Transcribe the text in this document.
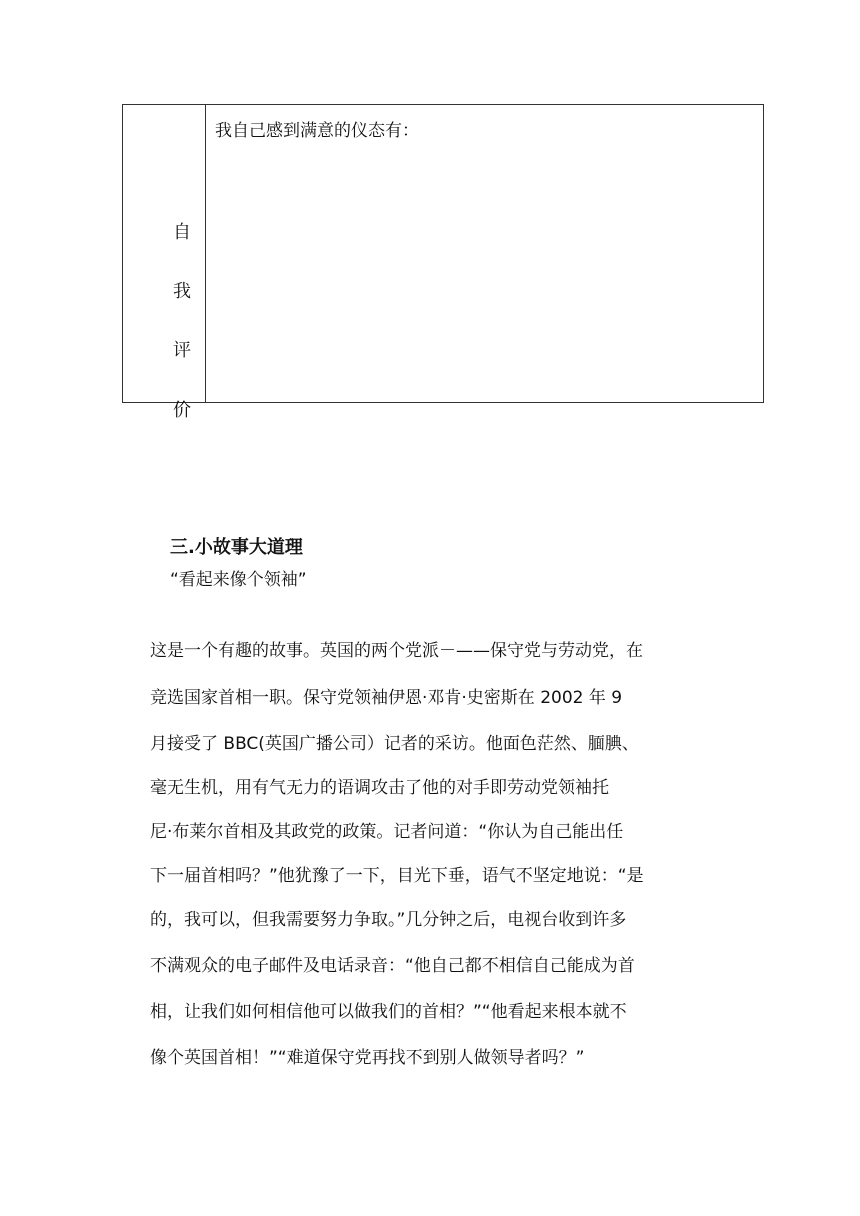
自
我
评
价
我自己感到满意的仪态有：
三.小故事大道理
“看起来像个领袖”
这是一个有趣的故事。英国的两个党派－——保守党与劳动党，在
竞选国家首相一职。保守党领袖伊恩·邓肯·史密斯在 2002 年 9
月接受了 BBC(英国广播公司）记者的采访。他面色茫然、腼腆、
毫无生机，用有气无力的语调攻击了他的对手即劳动党领袖托
尼·布莱尔首相及其政党的政策。记者问道：“你认为自己能出任
下一届首相吗？”他犹豫了一下，目光下垂，语气不坚定地说：“是
的，我可以，但我需要努力争取。”几分钟之后，电视台收到许多
不满观众的电子邮件及电话录音：“他自己都不相信自己能成为首
相，让我们如何相信他可以做我们的首相？”“他看起来根本就不
像个英国首相！”“难道保守党再找不到别人做领导者吗？”
